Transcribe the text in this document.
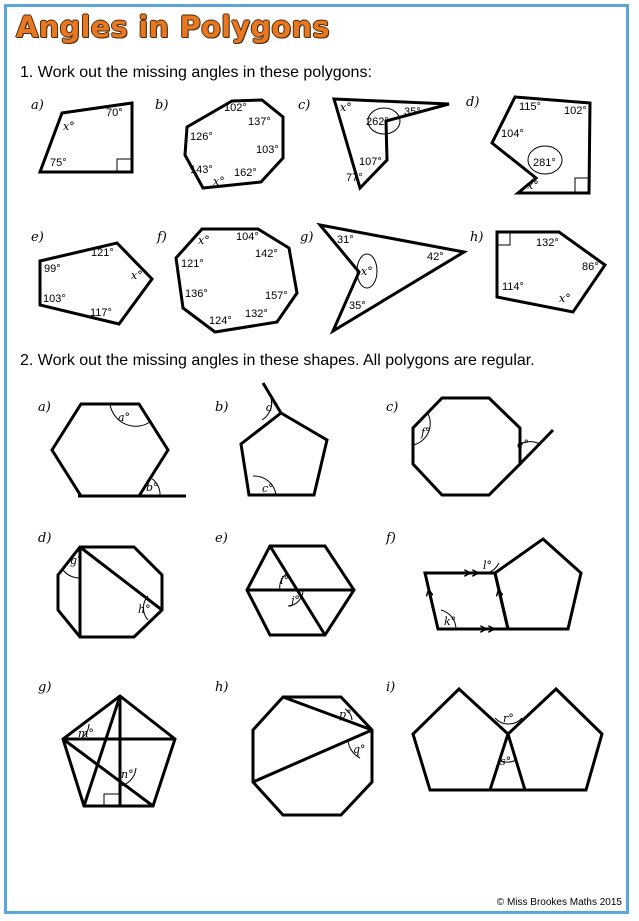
Angles in Polygons
1. Work out the missing angles in these polygons:
2. Work out the missing angles in these shapes. All polygons are regular.
a)	b)	c)	d)
e)	f)	g)	h)
a)	b)	c)
d)	e)	f)
g)	h)	i)
x°
70°
75°
102°
137°
126°
103°
143° 162°
x°
x°
262°
35°
107°
77°
115° 102°
104°
281°
x°
121°
99°	x°
103°
117°
x° 104°
142°
121°
136°	157°
124°
132°
31°
42°
x°
35°
132°
86°
114°
x°
a°
b°
d°
c°
f°
e°
g°
h°
i°
j°
l°
k°
m°
n°
p°
q°
r°
s°
© Miss Brookes Maths 2015
